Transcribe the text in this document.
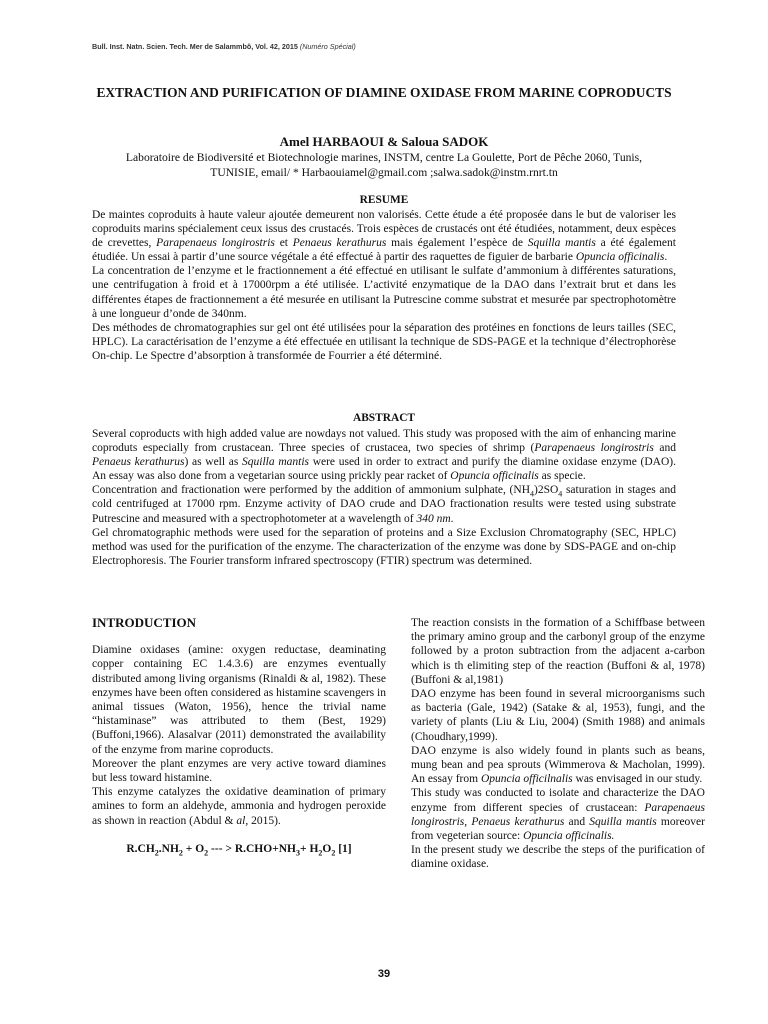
Bull. Inst. Natn. Scien. Tech. Mer de Salammbô, Vol. 42, 2015 (Numéro Spécial)
EXTRACTION AND PURIFICATION OF DIAMINE OXIDASE FROM MARINE COPRODUCTS
Amel HARBAOUI & Saloua SADOK
Laboratoire de Biodiversité et Biotechnologie marines, INSTM, centre La Goulette, Port de Pêche 2060, Tunis,
TUNISIE, email/ * Harbaouiamel@gmail.com ;salwa.sadok@instm.rnrt.tn
RESUME

De maintes coproduits à haute valeur ajoutée demeurent non valorisés. Cette étude a été proposée dans le but de valoriser les coproduits marins spécialement ceux issus des crustacés. Trois espèces de crustacés ont été étudiées, notamment, deux espèces de crevettes, Parapenaeus longirostris et Penaeus kerathurus mais également l’espèce de Squilla mantis a été également étudiée. Un essai à partir d’une source végétale a été effectué à partir des raquettes de figuier de barbarie Opuncia officinalis.

La concentration de l’enzyme et le fractionnement a été effectué en utilisant le sulfate d’ammonium à différentes saturations, une centrifugation à froid et à 17000rpm a été utilisée. L’activité enzymatique de la DAO dans l’extrait brut et dans les différentes étapes de fractionnement a été mesurée en utilisant la Putrescine comme substrat et mesurée par spectrophotomètre à une longueur d’onde de 340nm.

Des méthodes de chromatographies sur gel ont été utilisées pour la séparation des protéines en fonctions de leurs tailles (SEC, HPLC). La caractérisation de l’enzyme a été effectuée en utilisant la technique de SDS-PAGE et la technique d’électrophorèse On-chip. Le Spectre d’absorption à transformée de Fourrier a été déterminé.

ABSTRACT

Several coproducts with high added value are nowdays not valued. This study was proposed with the aim of enhancing marine coproduts especially from crustacean. Three species of crustacea, two species of shrimp (Parapenaeus longirostris and Penaeus kerathurus) as well as Squilla mantis were used in order to extract and purify the diamine oxidase enzyme (DAO). An essay was also done from a vegetarian source using prickly pear racket of Opuncia officinalis as specie.

Concentration and fractionation were performed by the addition of ammonium sulphate, $(NH_4)2SO_4$ saturation in stages and cold centrifuged at 17000 rpm. Enzyme activity of DAO crude and DAO fractionation results were tested using substrate Putrescine and measured with a spectrophotometer at a wavelength of 340 nm.

Gel chromatographic methods were used for the separation of proteins and a Size Exclusion Chromatography (SEC, HPLC) method was used for the purification of the enzyme. The characterization of the enzyme was done by SDS-PAGE and on-chip Electrophoresis. The Fourier transform infrared spectroscopy (FTIR) spectrum was determined.

INTRODUCTION

Diamine oxidases (amine: oxygen reductase, deaminating copper containing EC 1.4.3.6) are enzymes eventually distributed among living organisms (Rinaldi & al, 1982). These enzymes have been often considered as histamine scavengers in animal tissues (Waton, 1956), hence the trivial name “histaminase” was attributed to them (Best, 1929) (Buffoni,1966). Alasalvar (2011) demonstrated the availability of the enzyme from marine coproducts.

Moreover the plant enzymes are very active toward diamines but less toward histamine.

This enzyme catalyzes the oxidative deamination of primary amines to form an aldehyde, ammonia and hydrogen peroxide as shown in reaction (Abdul & al, 2015).

$R.CH_2.NH_2 + O_2$ --- > $R.CHO+NH_3+ H_2O_2$ [1]

The reaction consists in the formation of a Schiffbase between the primary amino group and the carbonyl group of the enzyme followed by a proton subtraction from the adjacent a-carbon which is th elimiting step of the reaction (Buffoni & al, 1978) (Buffoni & al,1981)

DAO enzyme has been found in several microorganisms such as bacteria (Gale, 1942) (Satake & al, 1953), fungi, and the variety of plants (Liu & Liu, 2004) (Smith 1988) and animals (Choudhary,1999).

DAO enzyme is also widely found in plants such as beans, mung bean and pea sprouts (Wimmerova & Macholan, 1999). An essay from Opuncia officilnalis was envisaged in our study.

This study was conducted to isolate and characterize the DAO enzyme from different species of crustacean: Parapenaeus longirostris, Penaeus kerathurus and Squilla mantis moreover from vegeterian source: Opuncia officinalis.

In the present study we describe the steps of the purification of diamine oxidase.

39
